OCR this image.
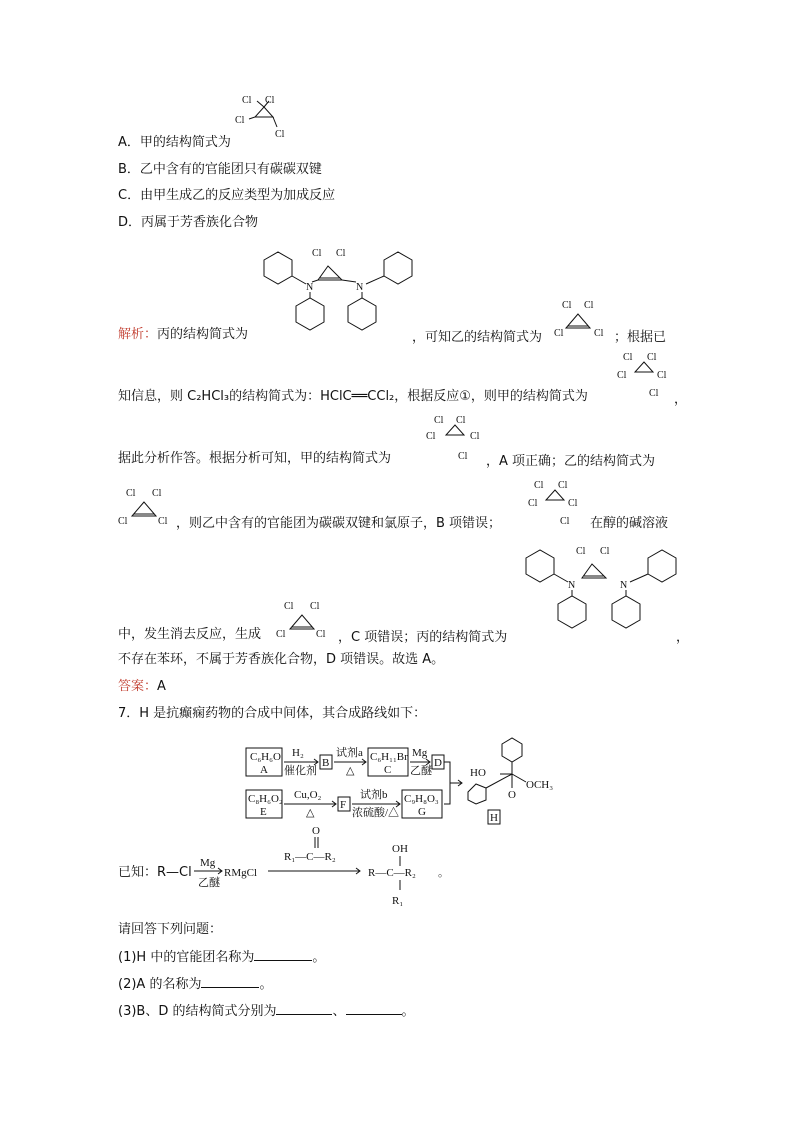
Cl Cl
Cl
Cl
A．甲的结构简式为
B．乙中含有的官能团只有碳碳双键
C．由甲生成乙的反应类型为加成反应
D．丙属于芳香族化合物
Cl Cl
N	N
解析：丙的结构简式为	，可知乙的结构简式为
Cl Cl
Cl	Cl ；根据已
Cl Cl
Cl	Cl
Cl
知信息，则 C₂HCl₃的结构简式为：HClC══CCl₂，根据反应①，则甲的结构简式为	，
Cl Cl
Cl	Cl
Cl
据此分析作答。根据分析可知，甲的结构简式为	，A 项正确；乙的结构简式为
Cl Cl
Cl	Cl ，则乙中含有的官能团为碳碳双键和氯原子，B 项错误；
Cl Cl
Cl	Cl
Cl 在醇的碱溶液
Cl Cl
N	N
Cl Cl
Cl	Cl
中，发生消去反应，生成	，C 项错误；丙的结构简式为	，
不存在苯环，不属于芳香族化合物，D 项错误。故选 A。
答案：A
7．H 是抗癫痫药物的合成中间体，其合成路线如下：
C₆H₆O
A
H₂
催化剂
B
试剂a
△
C₆H₁₁Br
C
Mg
乙醚
D
C₈H₆O₂
E
Cu,O₂
△
F
试剂b
浓硫酸/△
C₉H₈O₃
G
HO
OCH₃
O
H
已知：R—Cl
Mg
乙醚
RMgCl
O
R₁—C—R₂
OH
R—C—R₂
R₁
。
请回答下列问题：
(1)H 中的官能团名称为	。
(2)A 的名称为	。
(3)B、D 的结构简式分别为	、	。
